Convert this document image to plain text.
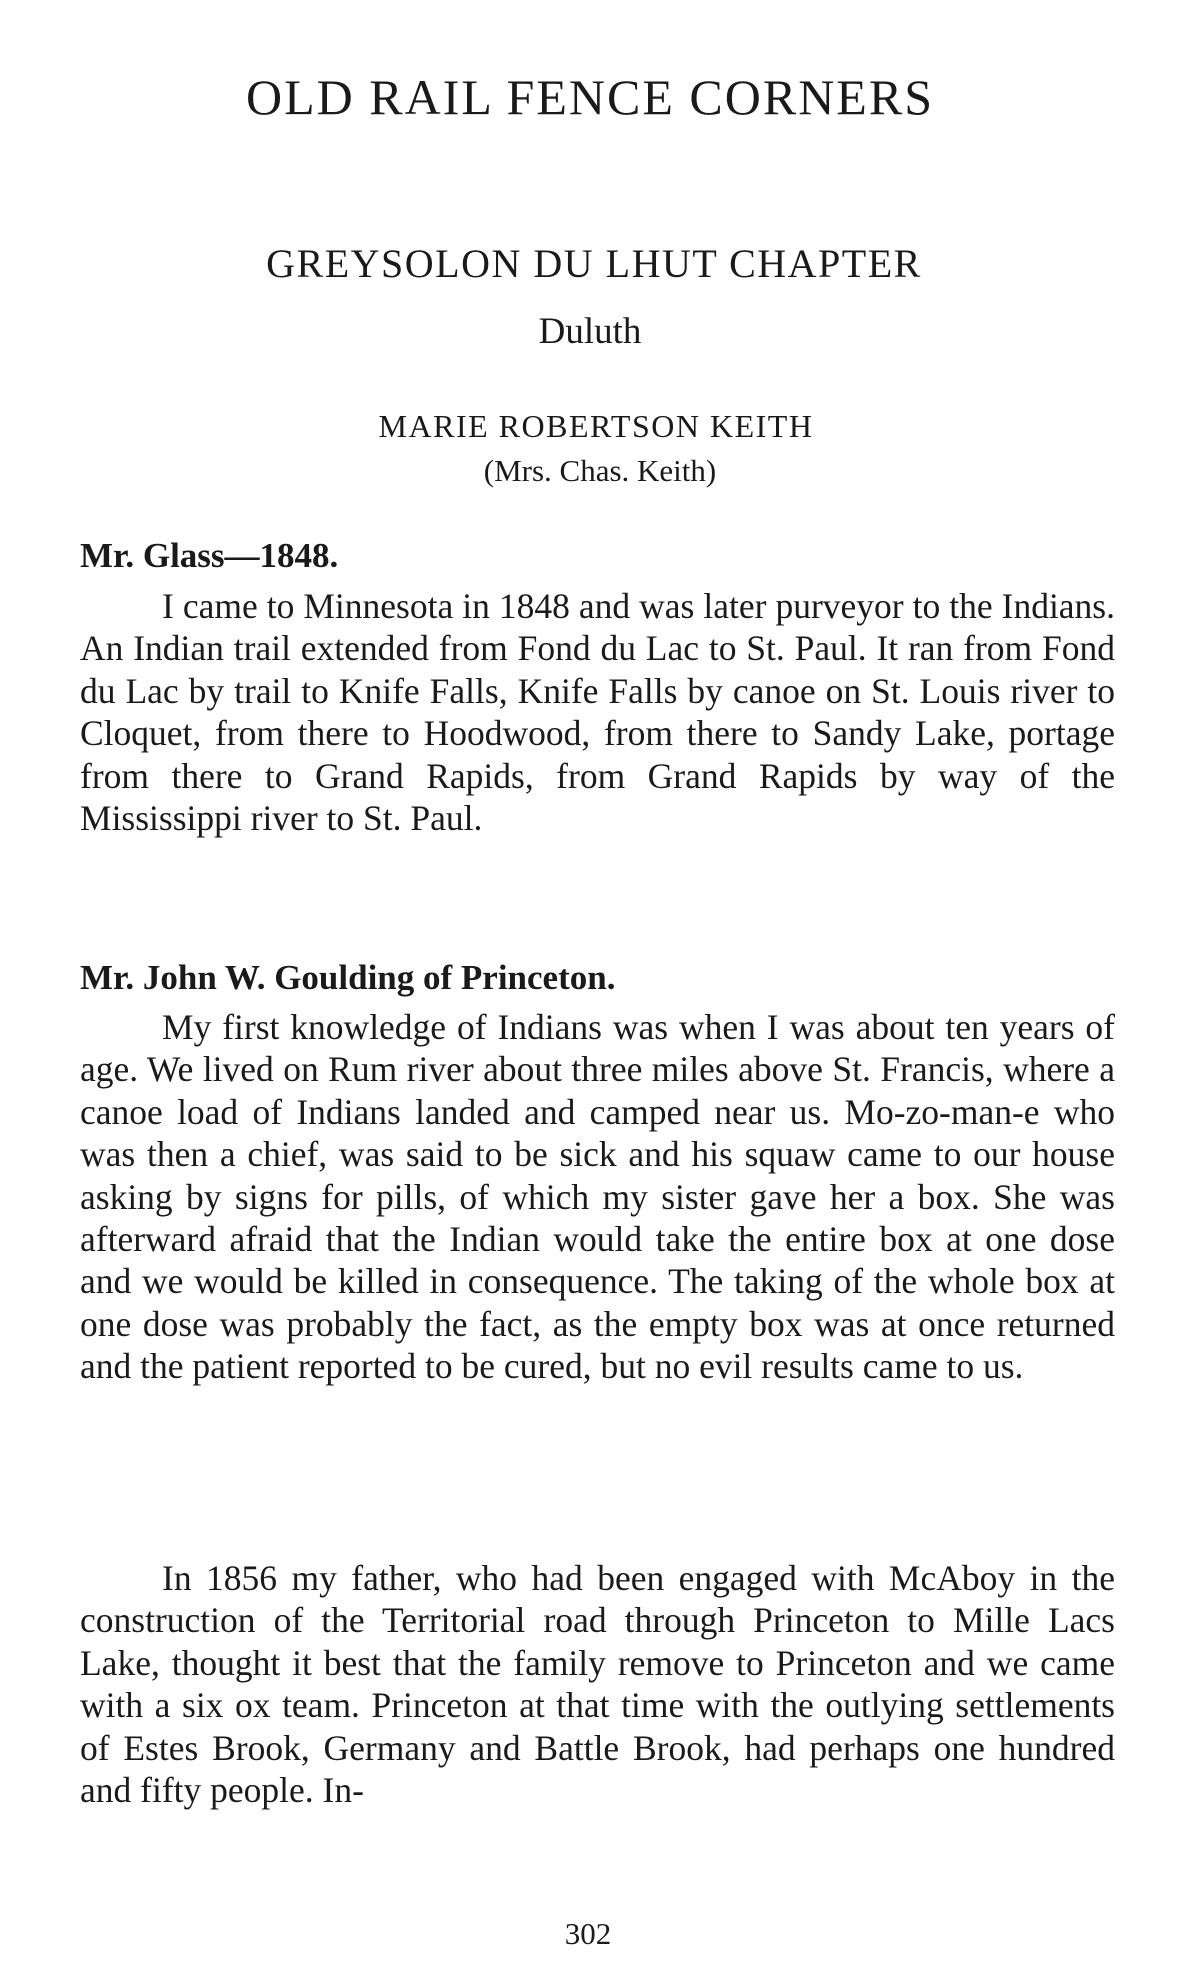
OLD RAIL FENCE CORNERS
GREYSOLON DU LHUT CHAPTER
Duluth
MARIE ROBERTSON KEITH
(Mrs. Chas. Keith)
Mr. Glass—1848.

I came to Minnesota in 1848 and was later purveyor to the Indians. An Indian trail extended from Fond du Lac to St. Paul. It ran from Fond du Lac by trail to Knife Falls, Knife Falls by canoe on St. Louis river to Cloquet, from there to Hoodwood, from there to Sandy Lake, portage from there to Grand Rapids, from Grand Rapids by way of the Mississippi river to St. Paul.

Mr. John W. Goulding of Princeton.

My first knowledge of Indians was when I was about ten years of age. We lived on Rum river about three miles above St. Francis, where a canoe load of Indians landed and camped near us. Mo-zo-man-e who was then a chief, was said to be sick and his squaw came to our house asking by signs for pills, of which my sister gave her a box. She was afterward afraid that the Indian would take the entire box at one dose and we would be killed in consequence. The taking of the whole box at one dose was probably the fact, as the empty box was at once returned and the patient reported to be cured, but no evil results came to us.

In 1856 my father, who had been engaged with McAboy in the construction of the Territorial road through Princeton to Mille Lacs Lake, thought it best that the family remove to Princeton and we came with a six ox team. Princeton at that time with the outlying settlements of Estes Brook, Germany and Battle Brook, had perhaps one hundred and fifty people. In-

302
